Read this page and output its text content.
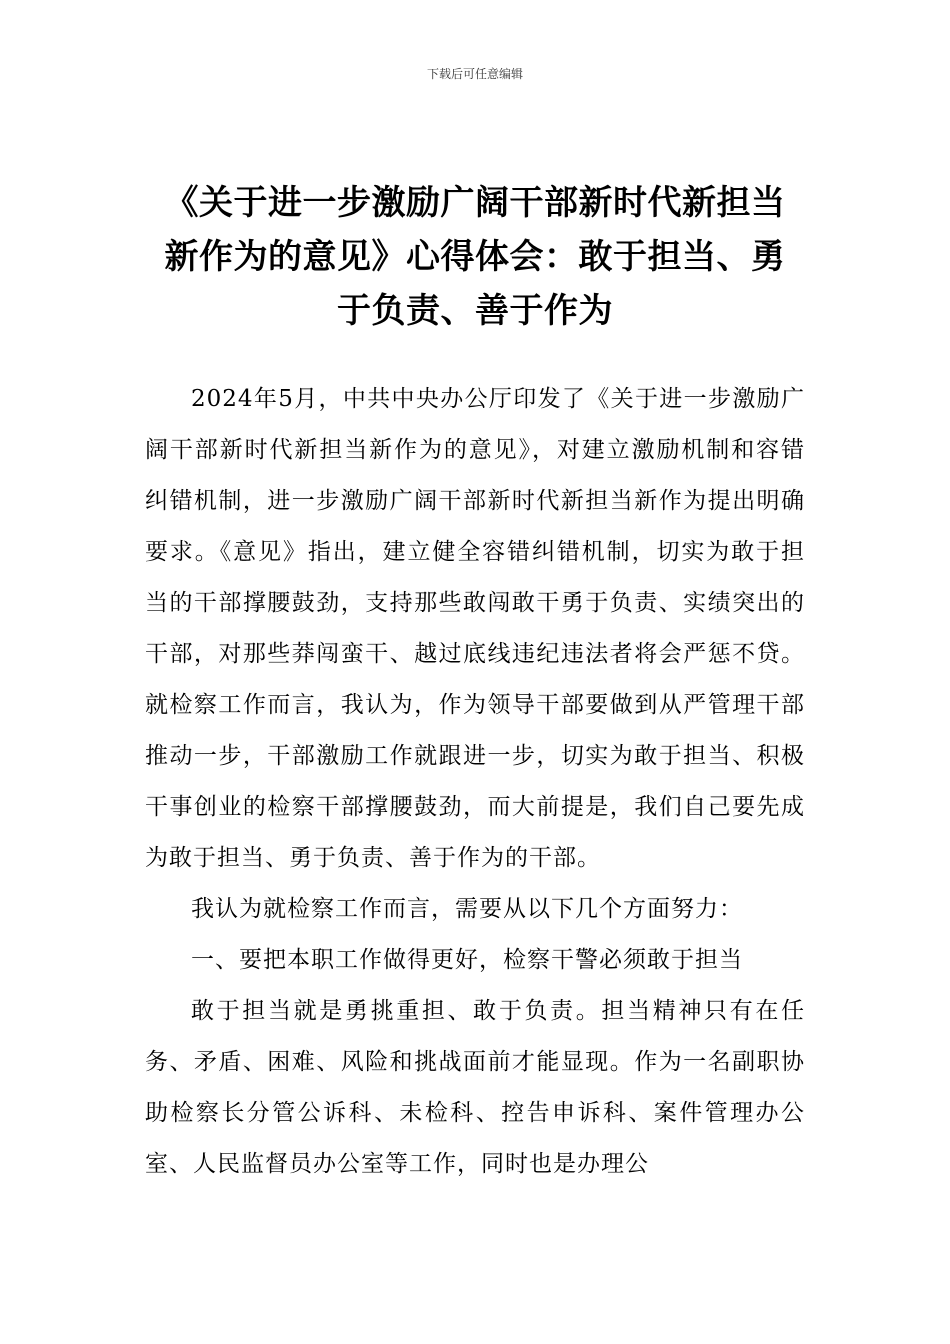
下载后可任意编辑
《关于进一步激励广阔干部新时代新担当新作为的意见》心得体会：敢于担当、勇于负责、善于作为

2024年5月，中共中央办公厅印发了《关于进一步激励广阔干部新时代新担当新作为的意见》，对建立激励机制和容错纠错机制，进一步激励广阔干部新时代新担当新作为提出明确要求。《意见》指出，建立健全容错纠错机制，切实为敢于担当的干部撑腰鼓劲，支持那些敢闯敢干勇于负责、实绩突出的干部，对那些莽闯蛮干、越过底线违纪违法者将会严惩不贷。就检察工作而言，我认为，作为领导干部要做到从严管理干部推动一步，干部激励工作就跟进一步，切实为敢于担当、积极干事创业的检察干部撑腰鼓劲，而大前提是，我们自己要先成为敢于担当、勇于负责、善于作为的干部。

我认为就检察工作而言，需要从以下几个方面努力：

一、要把本职工作做得更好，检察干警必须敢于担当

敢于担当就是勇挑重担、敢于负责。担当精神只有在任务、矛盾、困难、风险和挑战面前才能显现。作为一名副职协助检察长分管公诉科、未检科、控告申诉科、案件管理办公室、人民监督员办公室等工作，同时也是办理公
